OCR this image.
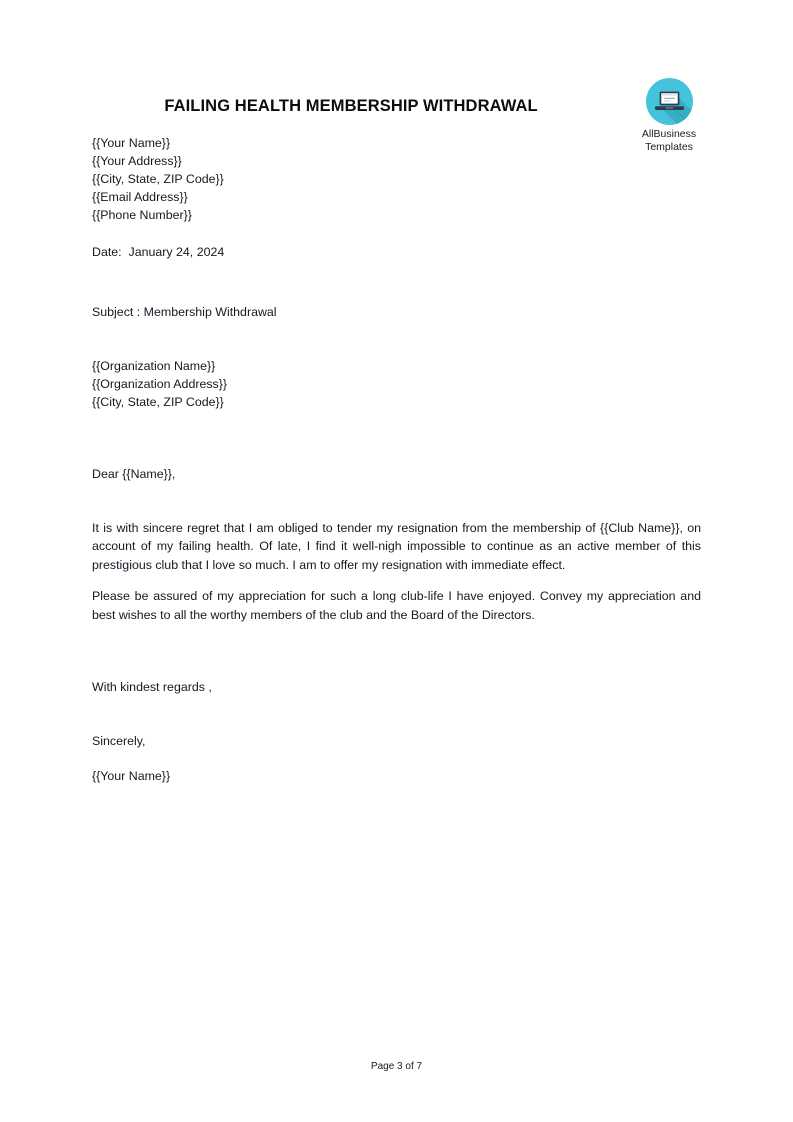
AllBusiness
Templates
FAILING HEALTH MEMBERSHIP WITHDRAWAL
{{Your Name}}
{{Your Address}}
{{City, State, ZIP Code}}
{{Email Address}}
{{Phone Number}}
Date:  January 24, 2024
Subject : Membership Withdrawal
{{Organization Name}}
{{Organization Address}}
{{City, State, ZIP Code}}
Dear {{Name}},

It is with sincere regret that I am obliged to tender my resignation from the membership of {{Club Name}}, on account of my failing health. Of late, I find it well-nigh impossible to continue as an active member of this prestigious club that I love so much. I am to offer my resignation with immediate effect.

Please be assured of my appreciation for such a long club-life I have enjoyed. Convey my appreciation and best wishes to all the worthy members of the club and the Board of the Directors.

With kindest regards ,
Sincerely,
{{Your Name}}
Page 3 of 7
